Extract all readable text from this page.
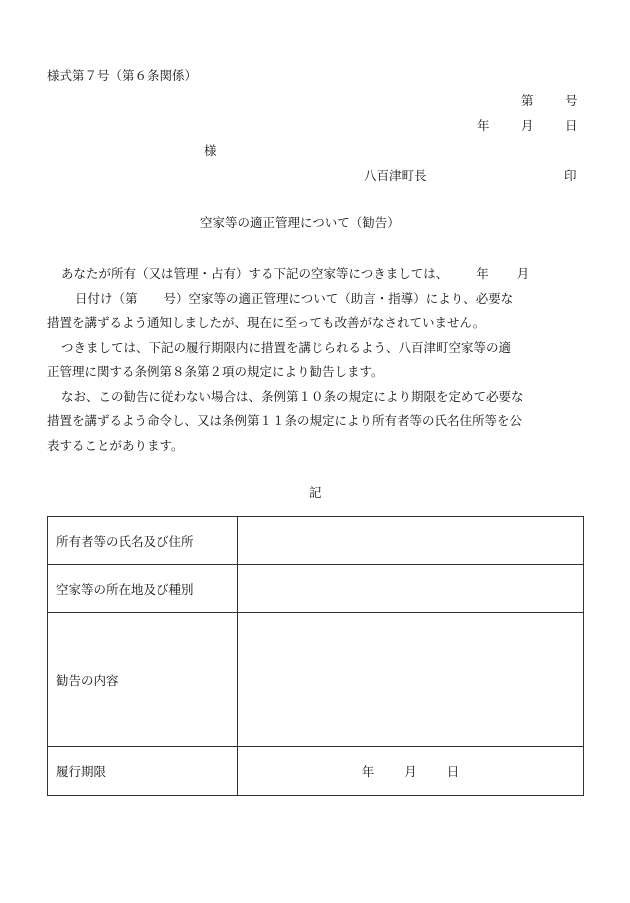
様式第７号（第６条関係）
第	号
年	月	日
様
八百津町長	印
空家等の適正管理について（勧告）
あなたが所有（又は管理・占有）する下記の空家等につきましては、 年 月
日付け（第 号）空家等の適正管理について（助言・指導）により、必要な
措置を講ずるよう通知しましたが、現在に至っても改善がなされていません。
つきましては、下記の履行期限内に措置を講じられるよう、八百津町空家等の適
正管理に関する条例第８条第２項の規定により勧告します。
なお、この勧告に従わない場合は、条例第１０条の規定により期限を定めて必要な
措置を講ずるよう命令し、又は条例第１１条の規定により所有者等の氏名住所等を公
表することがあります。
記
所有者等の氏名及び住所	
空家等の所在地及び種別	
勧告の内容	
履行期限	年 月 日
